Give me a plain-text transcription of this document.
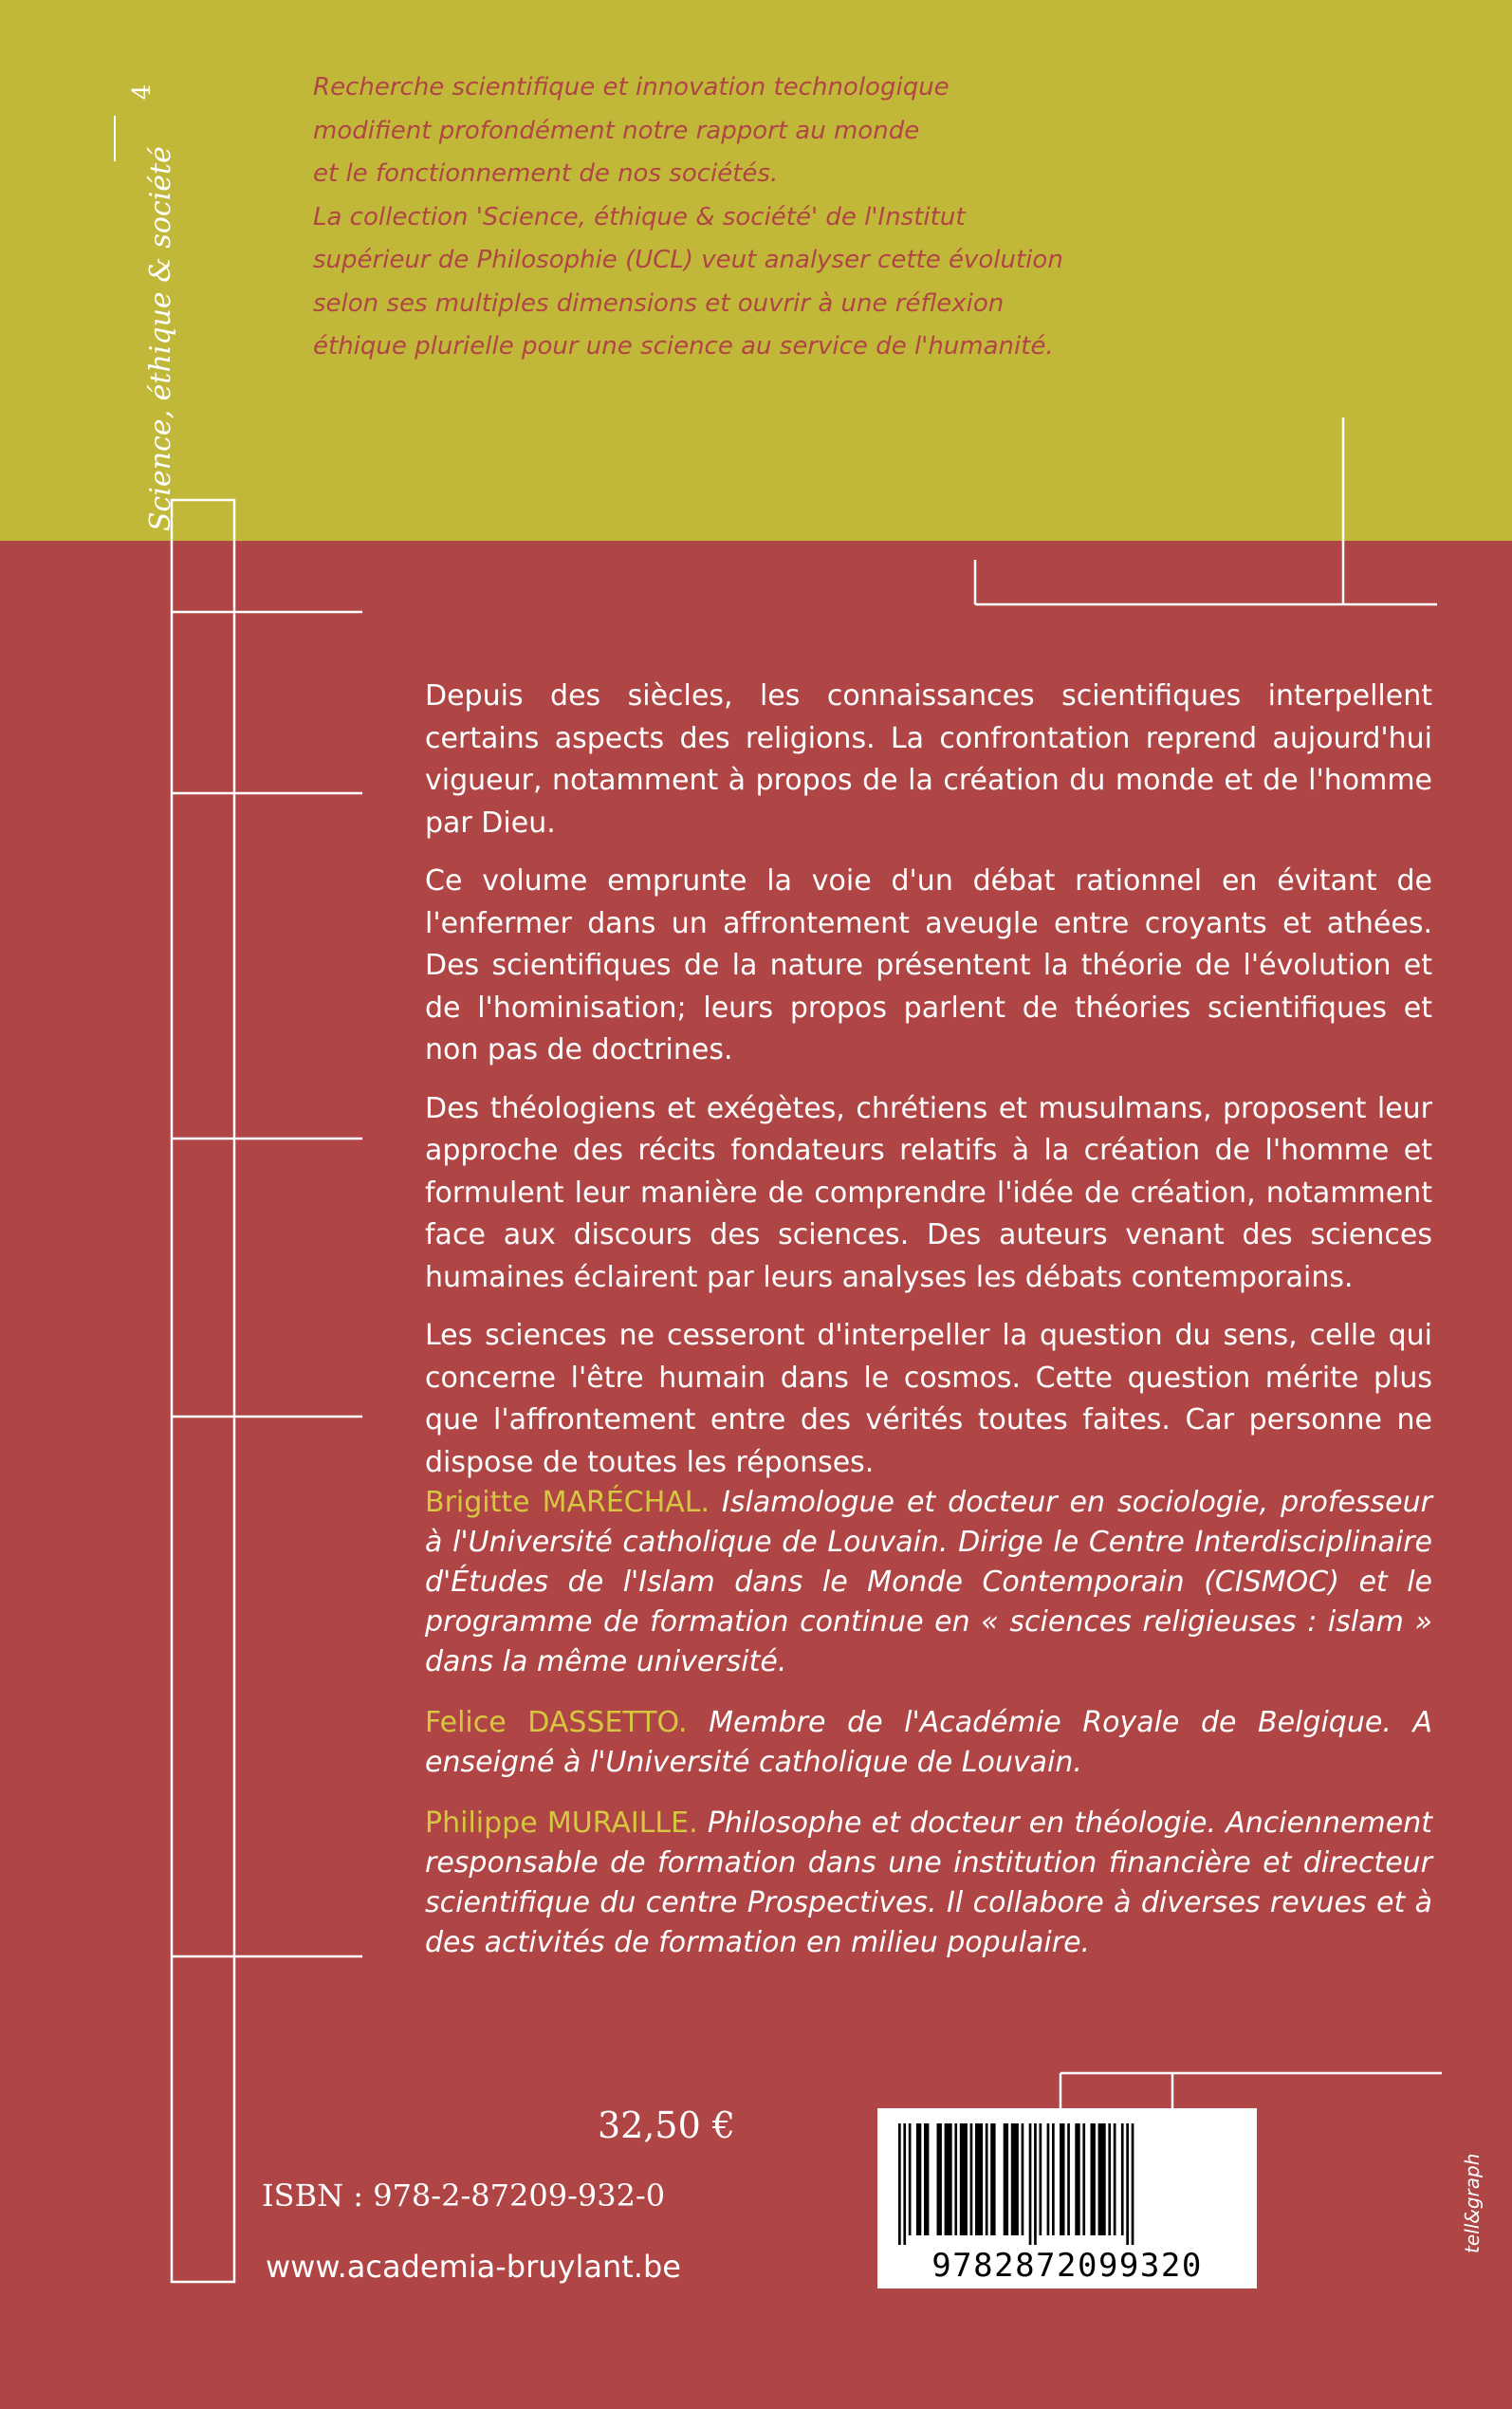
4
Science, éthique & société

Recherche scientifique et innovation technologique

modifient profondément notre rapport au monde

et le fonctionnement de nos sociétés.

La collection 'Science, éthique & société' de l'Institut

supérieur de Philosophie (UCL) veut analyser cette évolution

selon ses multiples dimensions et ouvrir à une réflexion

éthique plurielle pour une science au service de l'humanité.

Depuis des siècles, les connaissances scientifiques interpellent certains aspects des religions. La confrontation reprend aujourd'hui vigueur, notamment à propos de la création du monde et de l'homme par Dieu.

Ce volume emprunte la voie d'un débat rationnel en évitant de l'enfermer dans un affrontement aveugle entre croyants et athées. Des scientifiques de la nature présentent la théorie de l'évolution et de l'hominisation; leurs propos parlent de théories scientifiques et non pas de doctrines.

Des théologiens et exégètes, chrétiens et musulmans, proposent leur approche des récits fondateurs relatifs à la création de l'homme et formulent leur manière de comprendre l'idée de création, notamment face aux discours des sciences. Des auteurs venant des sciences humaines éclairent par leurs analyses les débats contemporains.

Les sciences ne cesseront d'interpeller la question du sens, celle qui concerne l'être humain dans le cosmos. Cette question mérite plus que l'affrontement entre des vérités toutes faites. Car personne ne dispose de toutes les réponses.

Brigitte MARÉCHAL. Islamologue et docteur en sociologie, professeur à l'Université catholique de Louvain. Dirige le Centre Interdisciplinaire d'Études de l'Islam dans le Monde Contemporain (CISMOC) et le programme de formation continue en « sciences religieuses : islam » dans la même université.

Felice DASSETTO. Membre de l'Académie Royale de Belgique. A enseigné à l'Université catholique de Louvain.

Philippe MURAILLE. Philosophe et docteur en théologie. Anciennement responsable de formation dans une institution financière et directeur scientifique du centre Prospectives. Il collabore à diverses revues et à des activités de formation en milieu populaire.

32,50 €
ISBN : 978-2-87209-932-0
www.academia-bruylant.be	9782872099320
tell&graph
